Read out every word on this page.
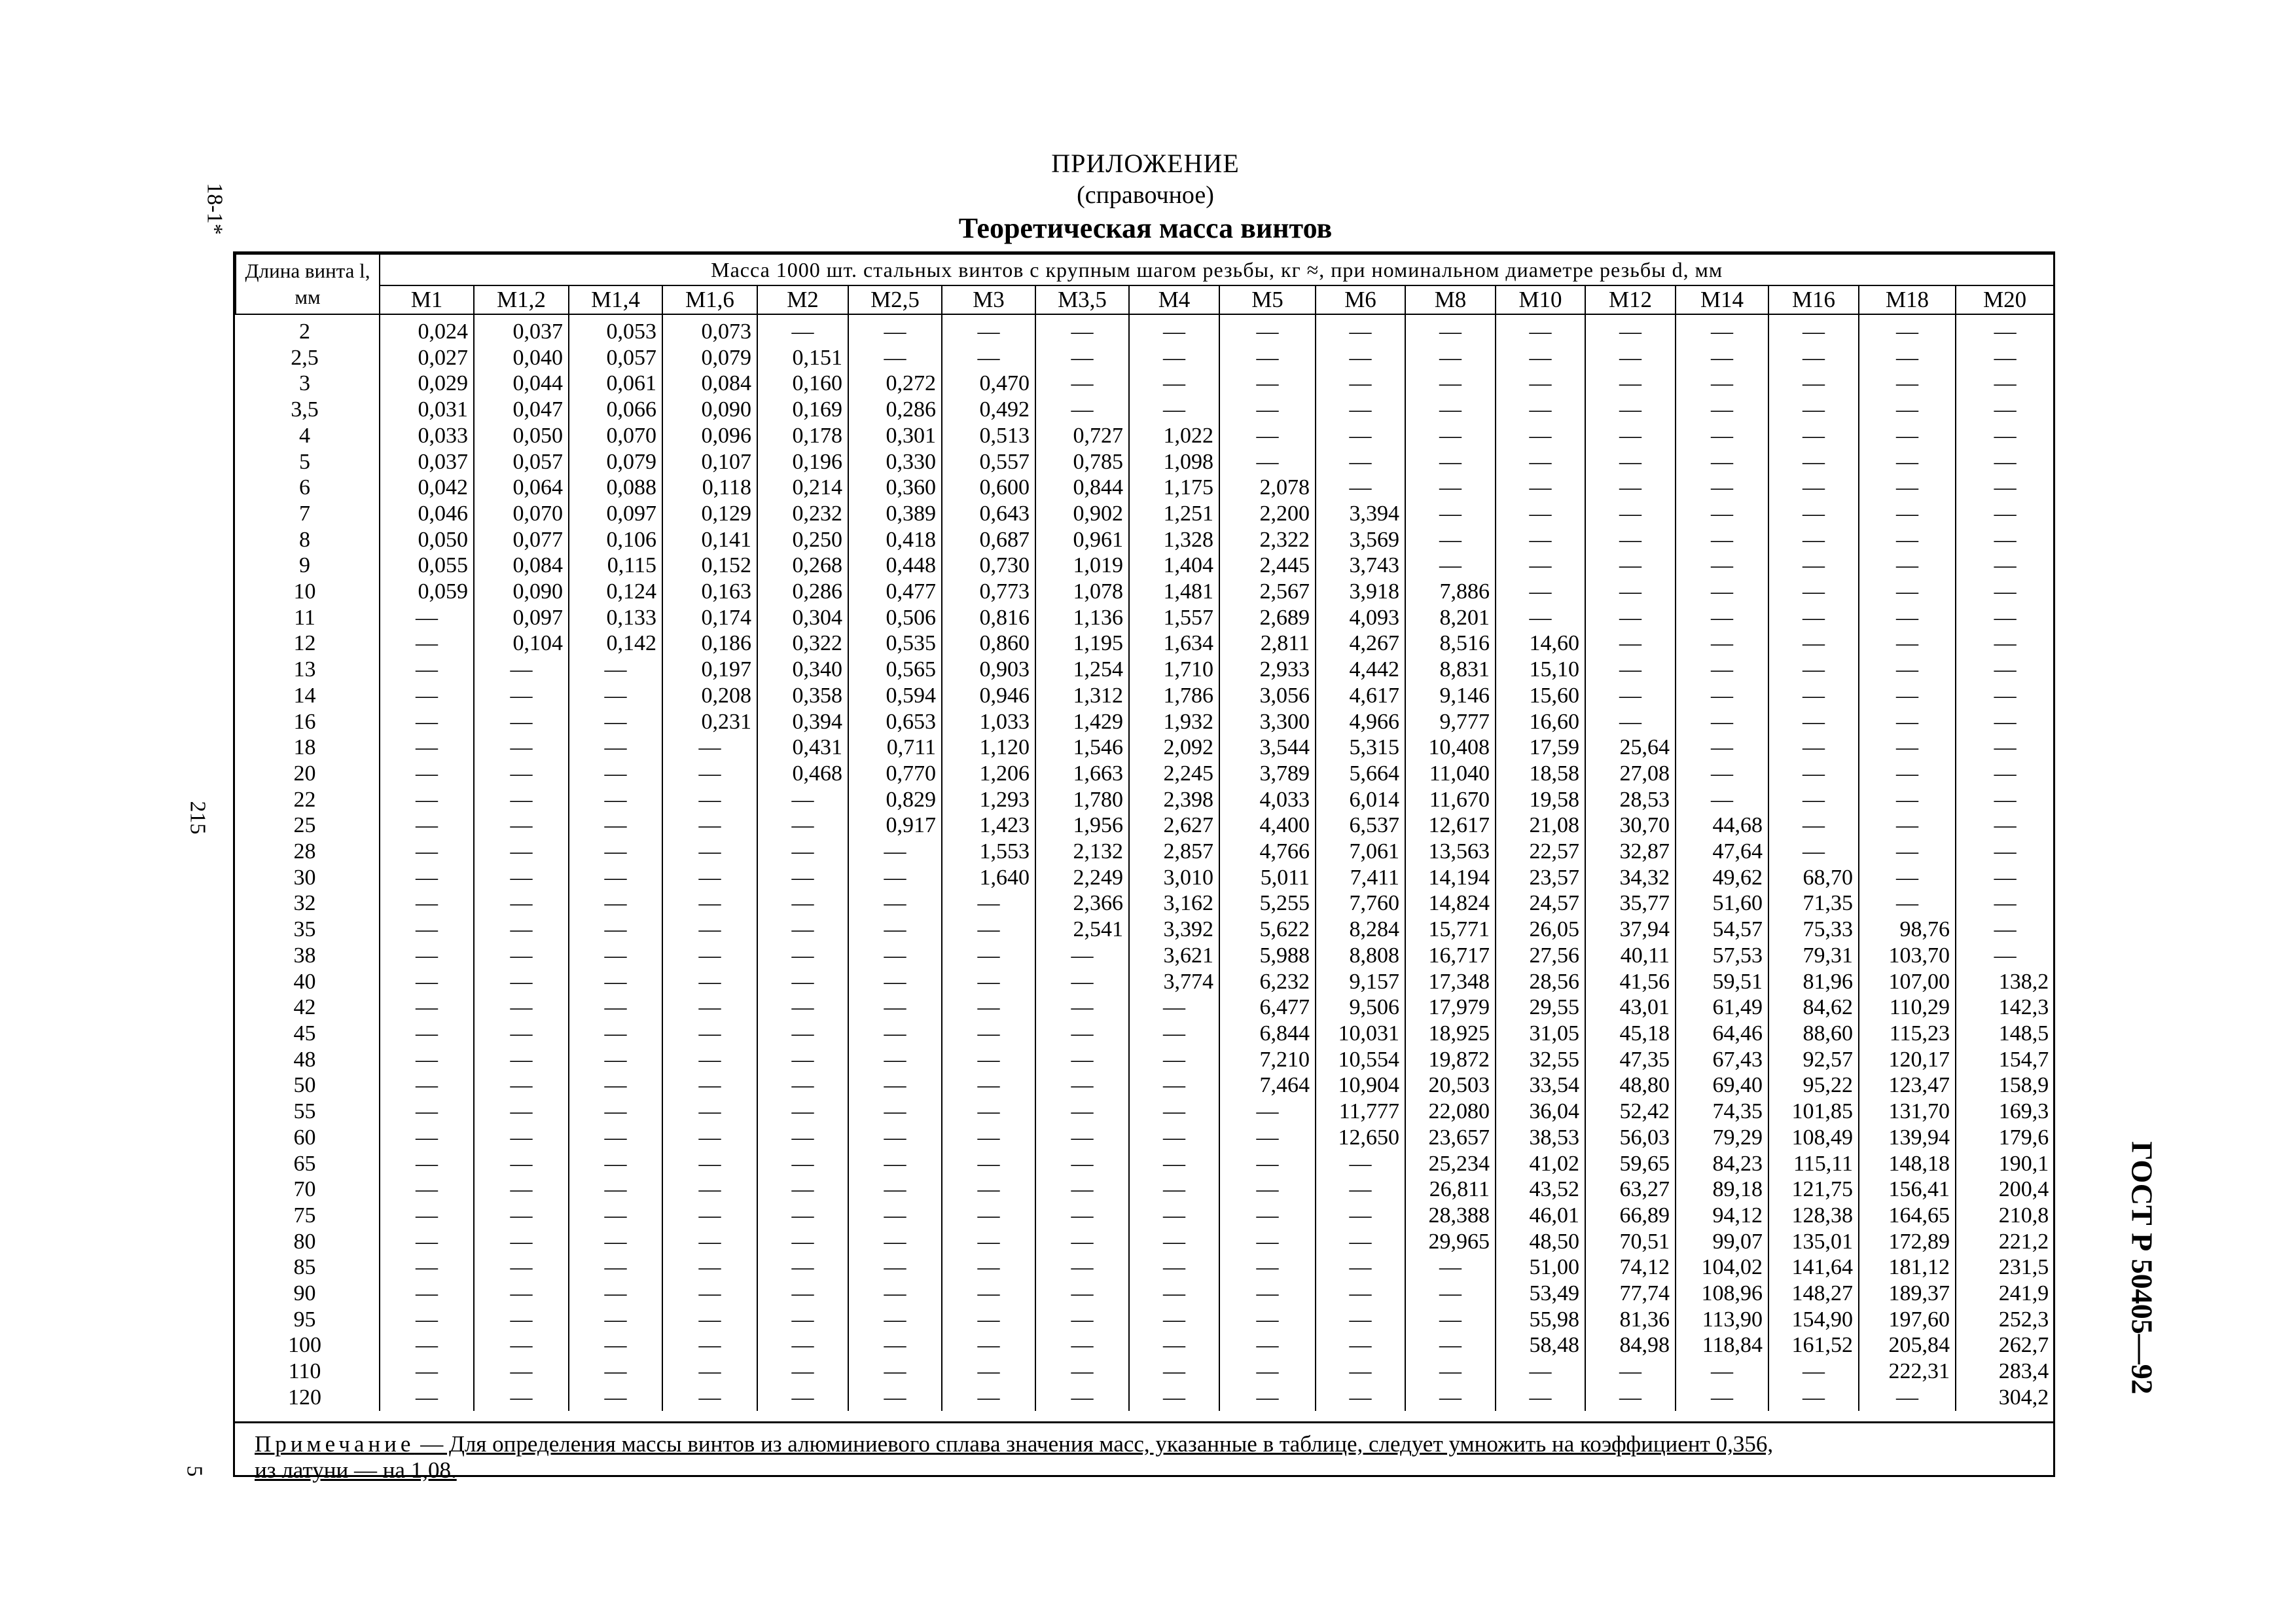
ПРИЛОЖЕНИЕ
(справочное)
Теоретическая масса винтов
18-1*
215
5
ГОСТ Р 50405—92
Длина винта l, мм	Масса 1000 шт. стальных винтов с крупным шагом резьбы, кг ≈, при номинальном диаметре резьбы d, мм																	
	M1	M1,2	M1,4	M1,6	M2	M2,5	M3	M3,5	M4	M5	M6	M8	M10	M12	M14	M16	M18	M20
2	0,024	0,037	0,053	0,073	—	—	—	—	—	—	—	—	—	—	—	—	—	—
2,5	0,027	0,040	0,057	0,079	0,151	—	—	—	—	—	—	—	—	—	—	—	—	—
3	0,029	0,044	0,061	0,084	0,160	0,272	0,470	—	—	—	—	—	—	—	—	—	—	—
3,5	0,031	0,047	0,066	0,090	0,169	0,286	0,492	—	—	—	—	—	—	—	—	—	—	—
4	0,033	0,050	0,070	0,096	0,178	0,301	0,513	0,727	1,022	—	—	—	—	—	—	—	—	—
5	0,037	0,057	0,079	0,107	0,196	0,330	0,557	0,785	1,098	—	—	—	—	—	—	—	—	—
6	0,042	0,064	0,088	0,118	0,214	0,360	0,600	0,844	1,175	2,078	—	—	—	—	—	—	—	—
7	0,046	0,070	0,097	0,129	0,232	0,389	0,643	0,902	1,251	2,200	3,394	—	—	—	—	—	—	—
8	0,050	0,077	0,106	0,141	0,250	0,418	0,687	0,961	1,328	2,322	3,569	—	—	—	—	—	—	—
9	0,055	0,084	0,115	0,152	0,268	0,448	0,730	1,019	1,404	2,445	3,743	—	—	—	—	—	—	—
10	0,059	0,090	0,124	0,163	0,286	0,477	0,773	1,078	1,481	2,567	3,918	7,886	—	—	—	—	—	—
11	—	0,097	0,133	0,174	0,304	0,506	0,816	1,136	1,557	2,689	4,093	8,201	—	—	—	—	—	—
12	—	0,104	0,142	0,186	0,322	0,535	0,860	1,195	1,634	2,811	4,267	8,516	14,60	—	—	—	—	—
13	—	—	—	0,197	0,340	0,565	0,903	1,254	1,710	2,933	4,442	8,831	15,10	—	—	—	—	—
14	—	—	—	0,208	0,358	0,594	0,946	1,312	1,786	3,056	4,617	9,146	15,60	—	—	—	—	—
16	—	—	—	0,231	0,394	0,653	1,033	1,429	1,932	3,300	4,966	9,777	16,60	—	—	—	—	—
18	—	—	—	—	0,431	0,711	1,120	1,546	2,092	3,544	5,315	10,408	17,59	25,64	—	—	—	—
20	—	—	—	—	0,468	0,770	1,206	1,663	2,245	3,789	5,664	11,040	18,58	27,08	—	—	—	—
22	—	—	—	—	—	0,829	1,293	1,780	2,398	4,033	6,014	11,670	19,58	28,53	—	—	—	—
25	—	—	—	—	—	0,917	1,423	1,956	2,627	4,400	6,537	12,617	21,08	30,70	44,68	—	—	—
28	—	—	—	—	—	—	1,553	2,132	2,857	4,766	7,061	13,563	22,57	32,87	47,64	—	—	—
30	—	—	—	—	—	—	1,640	2,249	3,010	5,011	7,411	14,194	23,57	34,32	49,62	68,70	—	—
32	—	—	—	—	—	—	—	2,366	3,162	5,255	7,760	14,824	24,57	35,77	51,60	71,35	—	—
35	—	—	—	—	—	—	—	2,541	3,392	5,622	8,284	15,771	26,05	37,94	54,57	75,33	98,76	—
38	—	—	—	—	—	—	—	—	3,621	5,988	8,808	16,717	27,56	40,11	57,53	79,31	103,70	—
40	—	—	—	—	—	—	—	—	3,774	6,232	9,157	17,348	28,56	41,56	59,51	81,96	107,00	138,2
42	—	—	—	—	—	—	—	—	—	6,477	9,506	17,979	29,55	43,01	61,49	84,62	110,29	142,3
45	—	—	—	—	—	—	—	—	—	6,844	10,031	18,925	31,05	45,18	64,46	88,60	115,23	148,5
48	—	—	—	—	—	—	—	—	—	7,210	10,554	19,872	32,55	47,35	67,43	92,57	120,17	154,7
50	—	—	—	—	—	—	—	—	—	7,464	10,904	20,503	33,54	48,80	69,40	95,22	123,47	158,9
55	—	—	—	—	—	—	—	—	—	—	11,777	22,080	36,04	52,42	74,35	101,85	131,70	169,3
60	—	—	—	—	—	—	—	—	—	—	12,650	23,657	38,53	56,03	79,29	108,49	139,94	179,6
65	—	—	—	—	—	—	—	—	—	—	—	25,234	41,02	59,65	84,23	115,11	148,18	190,1
70	—	—	—	—	—	—	—	—	—	—	—	26,811	43,52	63,27	89,18	121,75	156,41	200,4
75	—	—	—	—	—	—	—	—	—	—	—	28,388	46,01	66,89	94,12	128,38	164,65	210,8
80	—	—	—	—	—	—	—	—	—	—	—	29,965	48,50	70,51	99,07	135,01	172,89	221,2
85	—	—	—	—	—	—	—	—	—	—	—	—	51,00	74,12	104,02	141,64	181,12	231,5
90	—	—	—	—	—	—	—	—	—	—	—	—	53,49	77,74	108,96	148,27	189,37	241,9
95	—	—	—	—	—	—	—	—	—	—	—	—	55,98	81,36	113,90	154,90	197,60	252,3
100	—	—	—	—	—	—	—	—	—	—	—	—	58,48	84,98	118,84	161,52	205,84	262,7
110	—	—	—	—	—	—	—	—	—	—	—	—	—	—	—	—	222,31	283,4
120	—	—	—	—	—	—	—	—	—	—	—	—	—	—	—	—	—	304,2

Примечание — Для определения массы винтов из алюминиевого сплава значения масс, указанные в таблице, следует умножить на коэффициент 0,356,

из латуни — на 1,08.
